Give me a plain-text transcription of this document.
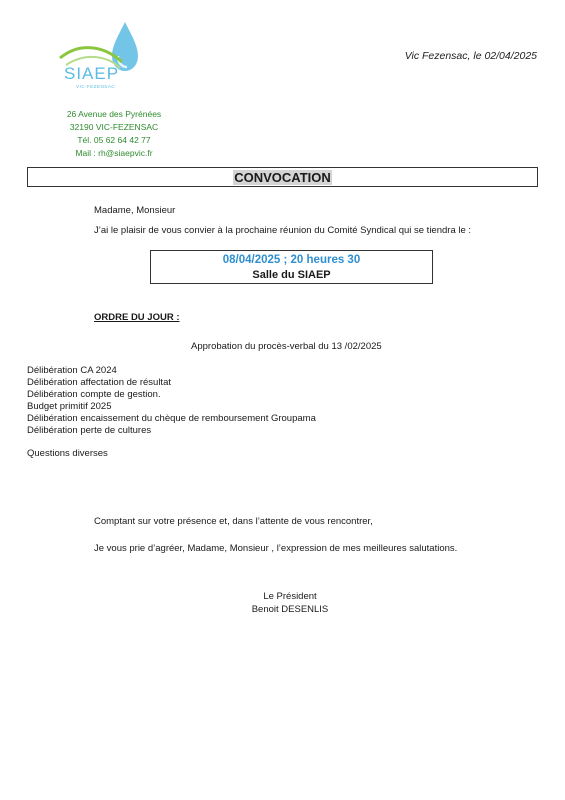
SIAEP
VIC-FEZENSAC
26 Avenue des Pyrénées
32190 VIC-FEZENSAC
Tél. 05 62 64 42 77
Mail : rh@siaepvic.fr
Vic Fezensac, le 02/04/2025
CONVOCATION
Madame, Monsieur
J’ai le plaisir de vous convier à la prochaine réunion du Comité Syndical qui se tiendra le :
08/04/2025 ; 20 heures 30
Salle du SIAEP
ORDRE DU JOUR :
Approbation du procès-verbal du 13 /02/2025
Délibération CA 2024
Délibération affectation de résultat
Délibération compte de gestion.
Budget primitif 2025
Délibération encaissement du chèque de remboursement Groupama
Délibération perte de cultures
Questions diverses
Comptant sur votre présence et, dans l’attente de vous rencontrer,
Je vous prie d’agréer, Madame, Monsieur , l’expression de mes meilleures salutations.
Le Président
Benoit DESENLIS
